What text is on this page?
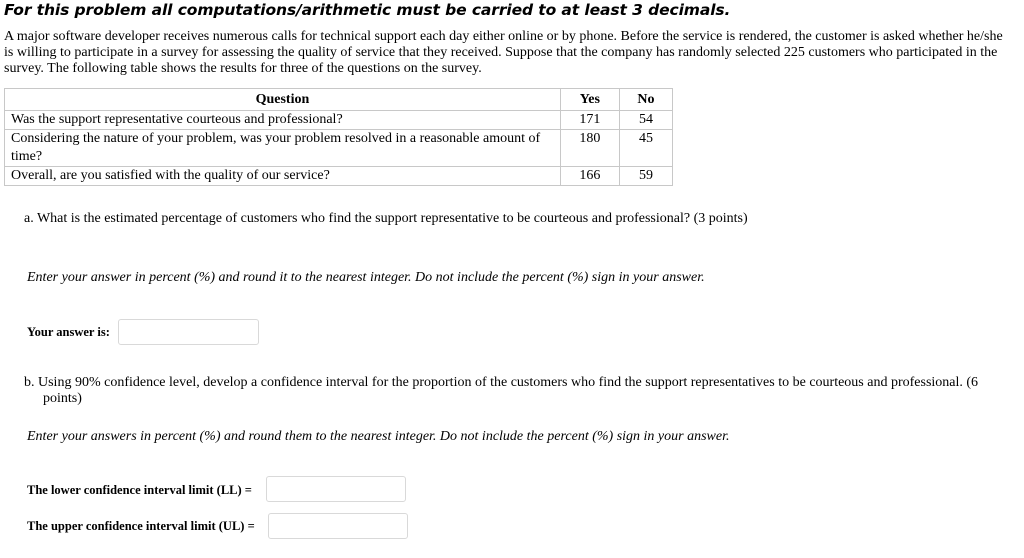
For this problem all computations/arithmetic must be carried to at least 3 decimals.

A major software developer receives numerous calls for technical support each day either online or by phone. Before the service is rendered, the customer is asked whether he/she is willing to participate in a survey for assessing the quality of service that they received. Suppose that the company has randomly selected 225 customers who participated in the survey. The following table shows the results for three of the questions on the survey.

Question	Yes	No
Was the support representative courteous and professional?	171	54
Considering the nature of your problem, was your problem resolved in a reasonable amount of time?	180	45
Overall, are you satisfied with the quality of our service?	166	59

a. What is the estimated percentage of customers who find the support representative to be courteous and professional? (3 points)

Enter your answer in percent (%) and round it to the nearest integer. Do not include the percent (%) sign in your answer.

Your answer is:

b. Using 90% confidence level, develop a confidence interval for the proportion of the customers who find the support representatives to be courteous and professional. (6 points)

Enter your answers in percent (%) and round them to the nearest integer. Do not include the percent (%) sign in your answer.

The lower confidence interval limit (LL) =

The upper confidence interval limit (UL) =
